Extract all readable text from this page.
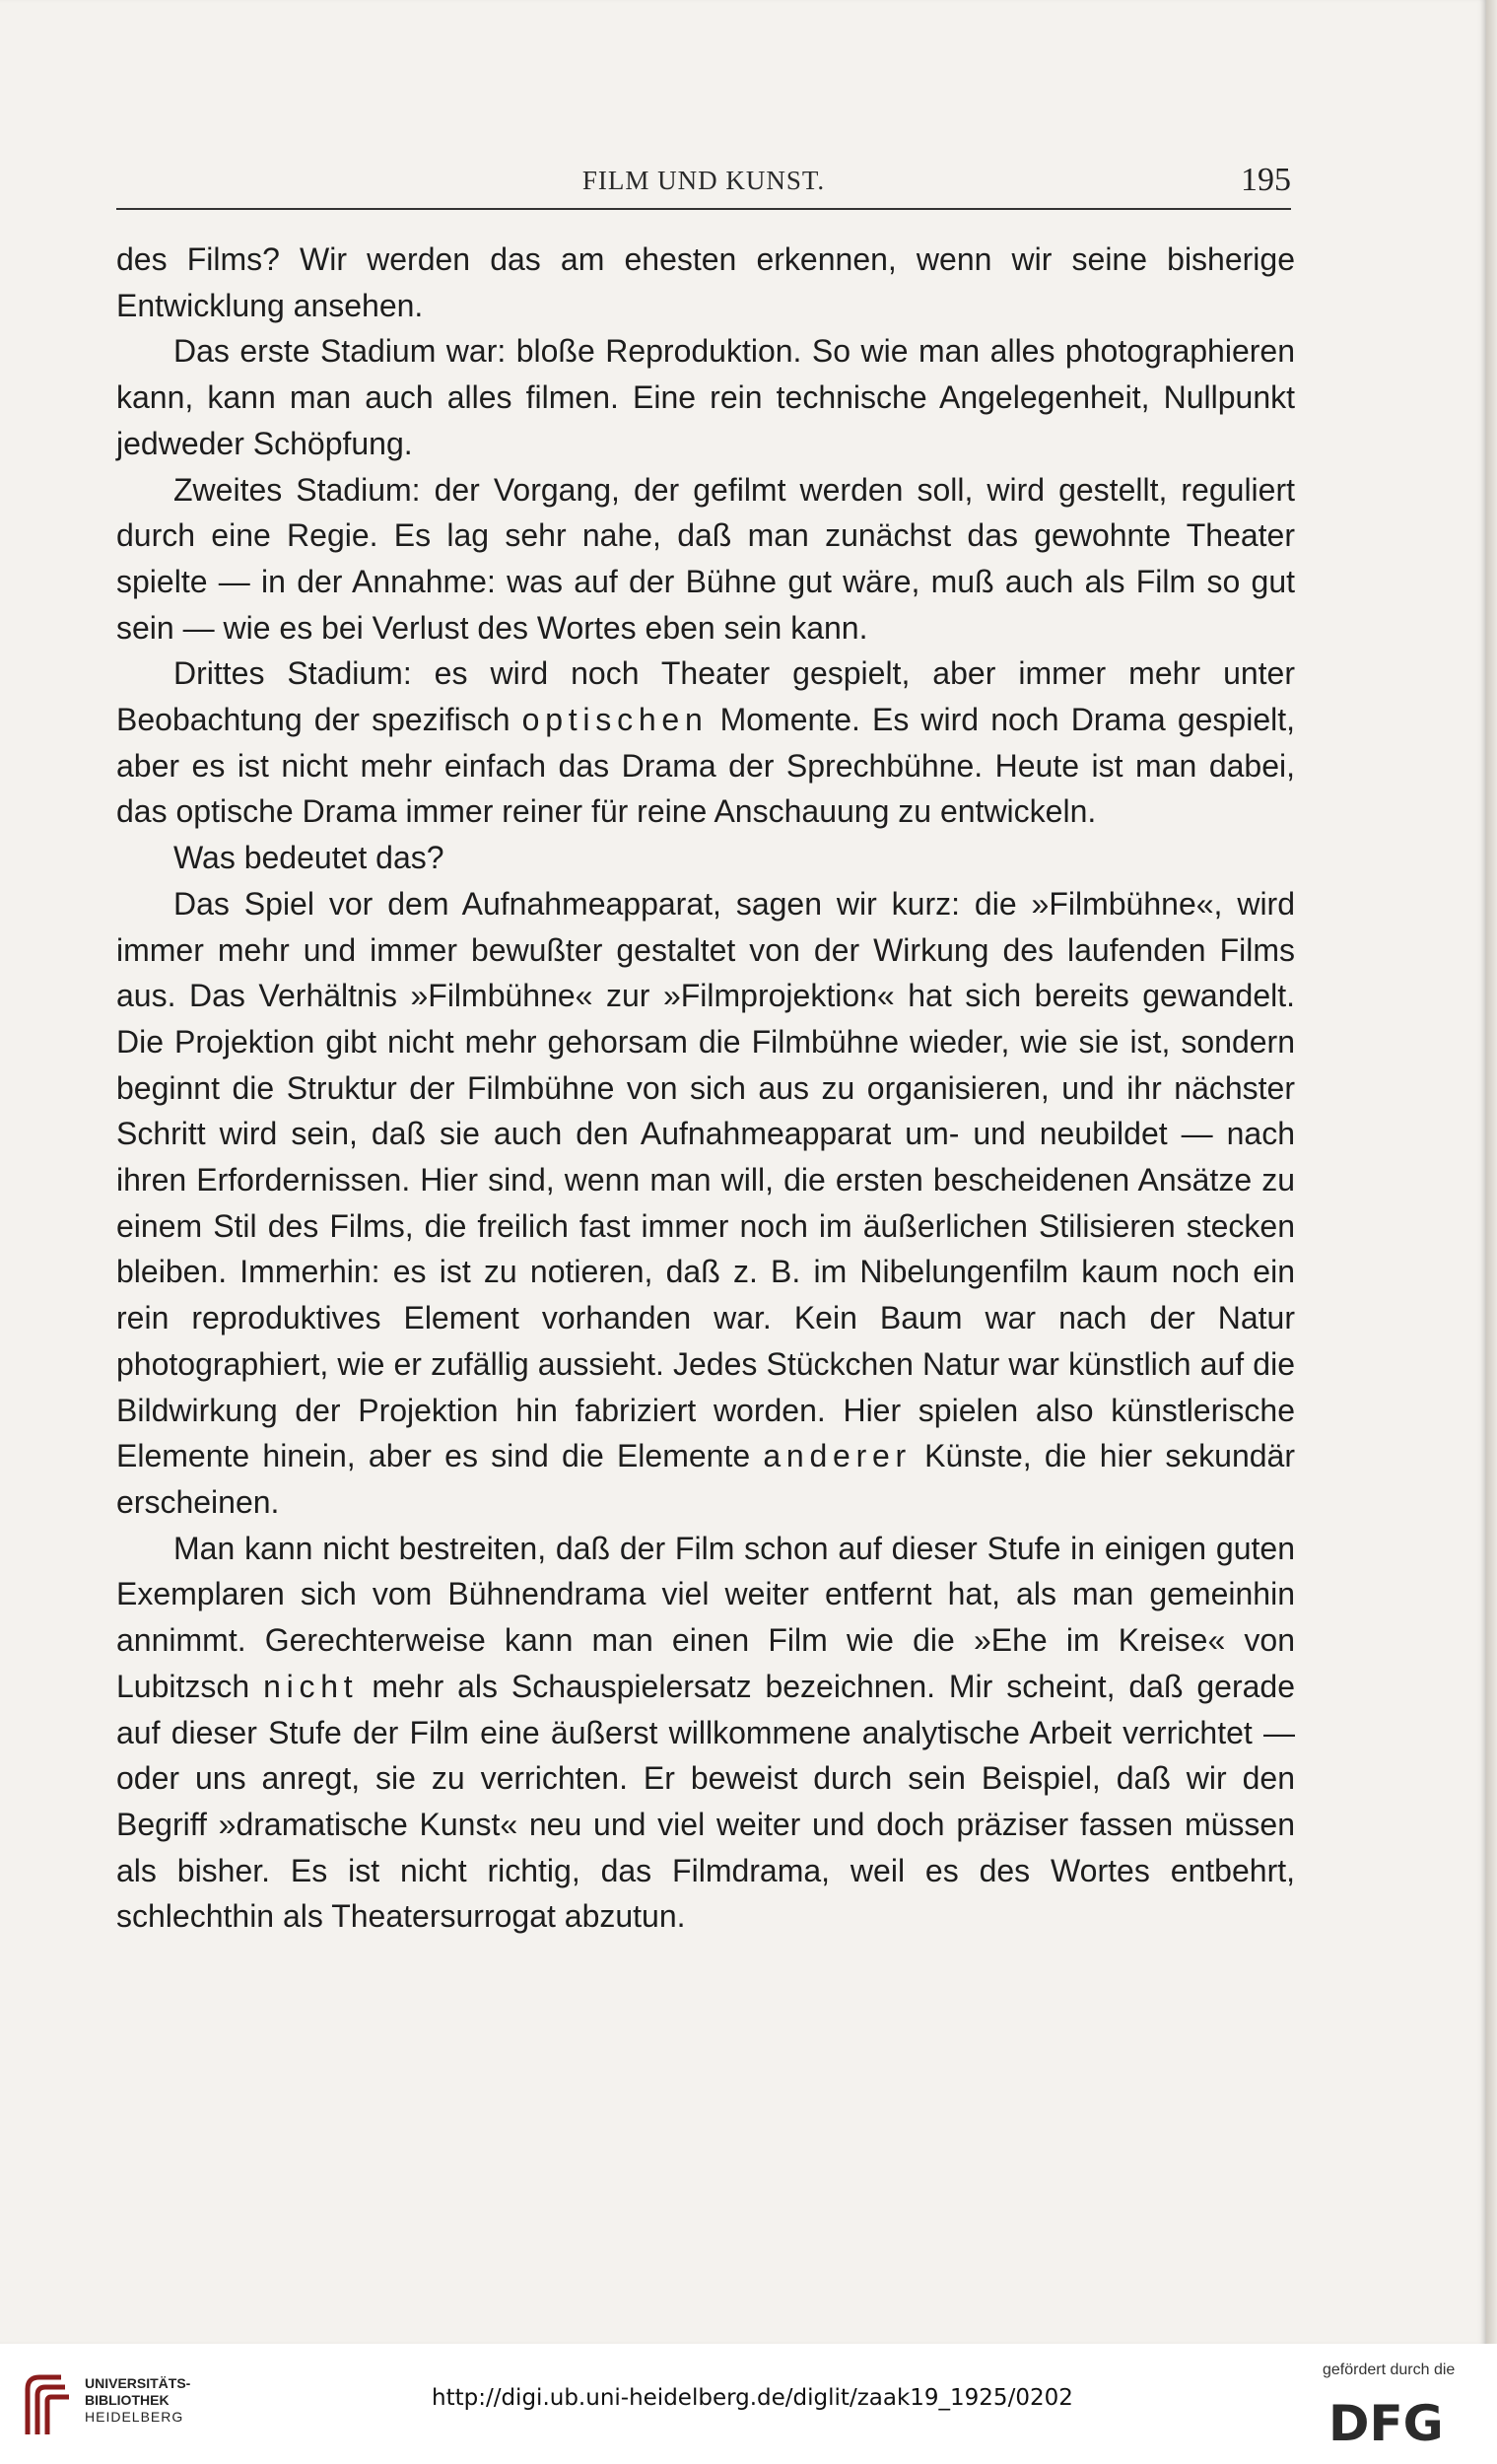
FILM UND KUNST.	195

des Films? Wir werden das am ehesten erkennen, wenn wir seine bisherige Entwicklung ansehen.

Das erste Stadium war: bloße Reproduktion. So wie man alles photographieren kann, kann man auch alles filmen. Eine rein technische Angelegenheit, Nullpunkt jedweder Schöpfung.

Zweites Stadium: der Vorgang, der gefilmt werden soll, wird gestellt, reguliert durch eine Regie. Es lag sehr nahe, daß man zunächst das gewohnte Theater spielte — in der Annahme: was auf der Bühne gut wäre, muß auch als Film so gut sein — wie es bei Verlust des Wortes eben sein kann.

Drittes Stadium: es wird noch Theater gespielt, aber immer mehr unter Beobachtung der spezifisch optischen Momente. Es wird noch Drama gespielt, aber es ist nicht mehr einfach das Drama der Sprechbühne. Heute ist man dabei, das optische Drama immer reiner für reine Anschauung zu entwickeln.

Was bedeutet das?

Das Spiel vor dem Aufnahmeapparat, sagen wir kurz: die »Filmbühne«, wird immer mehr und immer bewußter gestaltet von der Wirkung des laufenden Films aus. Das Verhältnis »Filmbühne« zur »Filmprojektion« hat sich bereits gewandelt. Die Projektion gibt nicht mehr gehorsam die Filmbühne wieder, wie sie ist, sondern beginnt die Struktur der Filmbühne von sich aus zu organisieren, und ihr nächster Schritt wird sein, daß sie auch den Aufnahmeapparat um- und neubildet — nach ihren Erfordernissen. Hier sind, wenn man will, die ersten bescheidenen Ansätze zu einem Stil des Films, die freilich fast immer noch im äußerlichen Stilisieren stecken bleiben. Immerhin: es ist zu notieren, daß z. B. im Nibelungenfilm kaum noch ein rein reproduktives Element vorhanden war. Kein Baum war nach der Natur photographiert, wie er zufällig aussieht. Jedes Stückchen Natur war künstlich auf die Bildwirkung der Projektion hin fabriziert worden. Hier spielen also künstlerische Elemente hinein, aber es sind die Elemente anderer Künste, die hier sekundär erscheinen.

Man kann nicht bestreiten, daß der Film schon auf dieser Stufe in einigen guten Exemplaren sich vom Bühnendrama viel weiter entfernt hat, als man gemeinhin annimmt. Gerechterweise kann man einen Film wie die »Ehe im Kreise« von Lubitzsch nicht mehr als Schauspielersatz bezeichnen. Mir scheint, daß gerade auf dieser Stufe der Film eine äußerst willkommene analytische Arbeit verrichtet — oder uns anregt, sie zu verrichten. Er beweist durch sein Beispiel, daß wir den Begriff »dramatische Kunst« neu und viel weiter und doch präziser fassen müssen als bisher. Es ist nicht richtig, das Filmdrama, weil es des Wortes entbehrt, schlechthin als Theatersurrogat abzutun.

UNIVERSITÄTS-
BIBLIOTHEK
HEIDELBERG
http://digi.ub.uni-heidelberg.de/diglit/zaak19_1925/0202
gefördert durch die
DFG
